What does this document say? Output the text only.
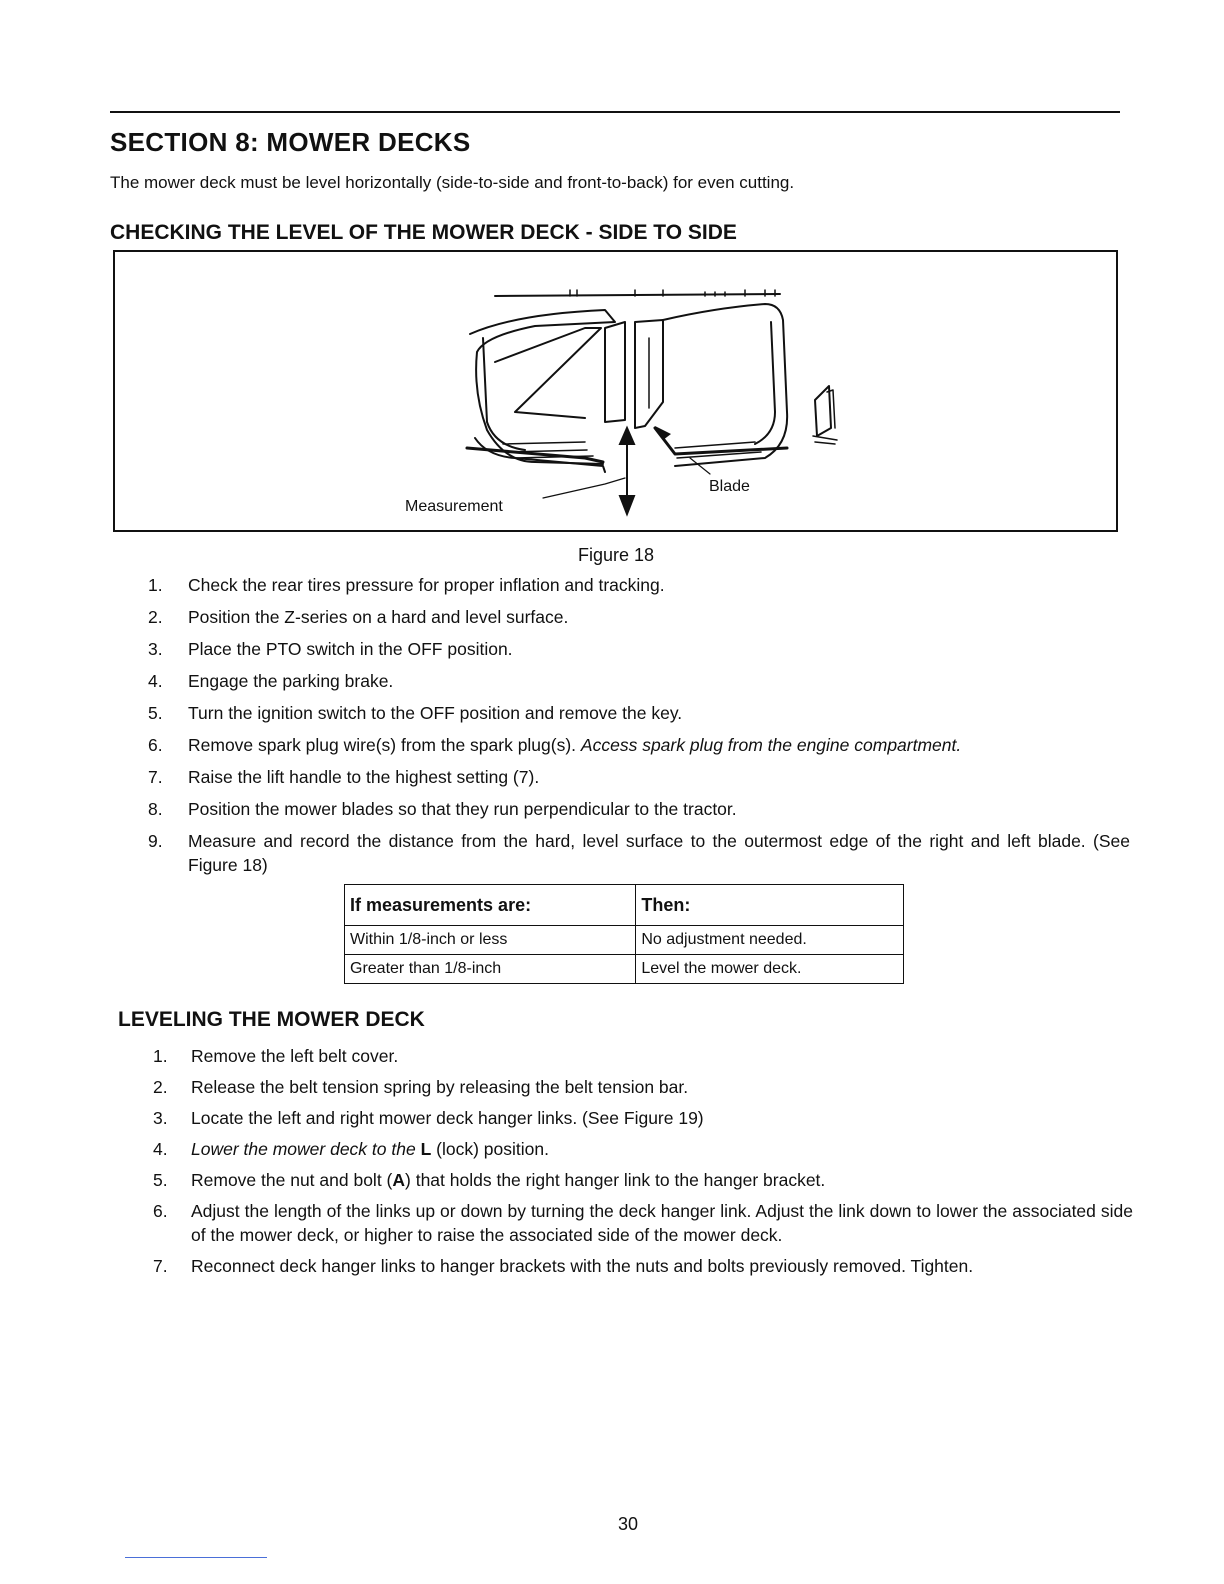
SECTION 8: MOWER DECKS

The mower deck must be level horizontally (side-to-side and front-to-back) for even cutting.

CHECKING THE LEVEL OF THE MOWER DECK - SIDE TO SIDE
Measurement
Blade
Figure 18
1. Check the rear tires pressure for proper inflation and tracking.
2. Position the Z-series on a hard and level surface.
3. Place the PTO switch in the OFF position.
4. Engage the parking brake.
5. Turn the ignition switch to the OFF position and remove the key.
6. Remove spark plug wire(s) from the spark plug(s). Access spark plug from the engine compartment.
7. Raise the lift handle to the highest setting (7).
8. Position the mower blades so that they run perpendicular to the tractor.
9. Measure and record the distance from the hard, level surface to the outermost edge of the right and left blade. (See Figure 18)
If measurements are:	Then:
Within 1/8-inch or less	No adjustment needed.
Greater than 1/8-inch	Level the mower deck.
LEVELING THE MOWER DECK
1. Remove the left belt cover.
2. Release the belt tension spring by releasing the belt tension bar.
3. Locate the left and right mower deck hanger links. (See Figure 19)
4. Lower the mower deck to the L (lock) position.
5. Remove the nut and bolt (A) that holds the right hanger link to the hanger bracket.
6. Adjust the length of the links up or down by turning the deck hanger link. Adjust the link down to lower the associated side of the mower deck, or higher to raise the associated side of the mower deck.
7. Reconnect deck hanger links to hanger brackets with the nuts and bolts previously removed. Tighten.
30
